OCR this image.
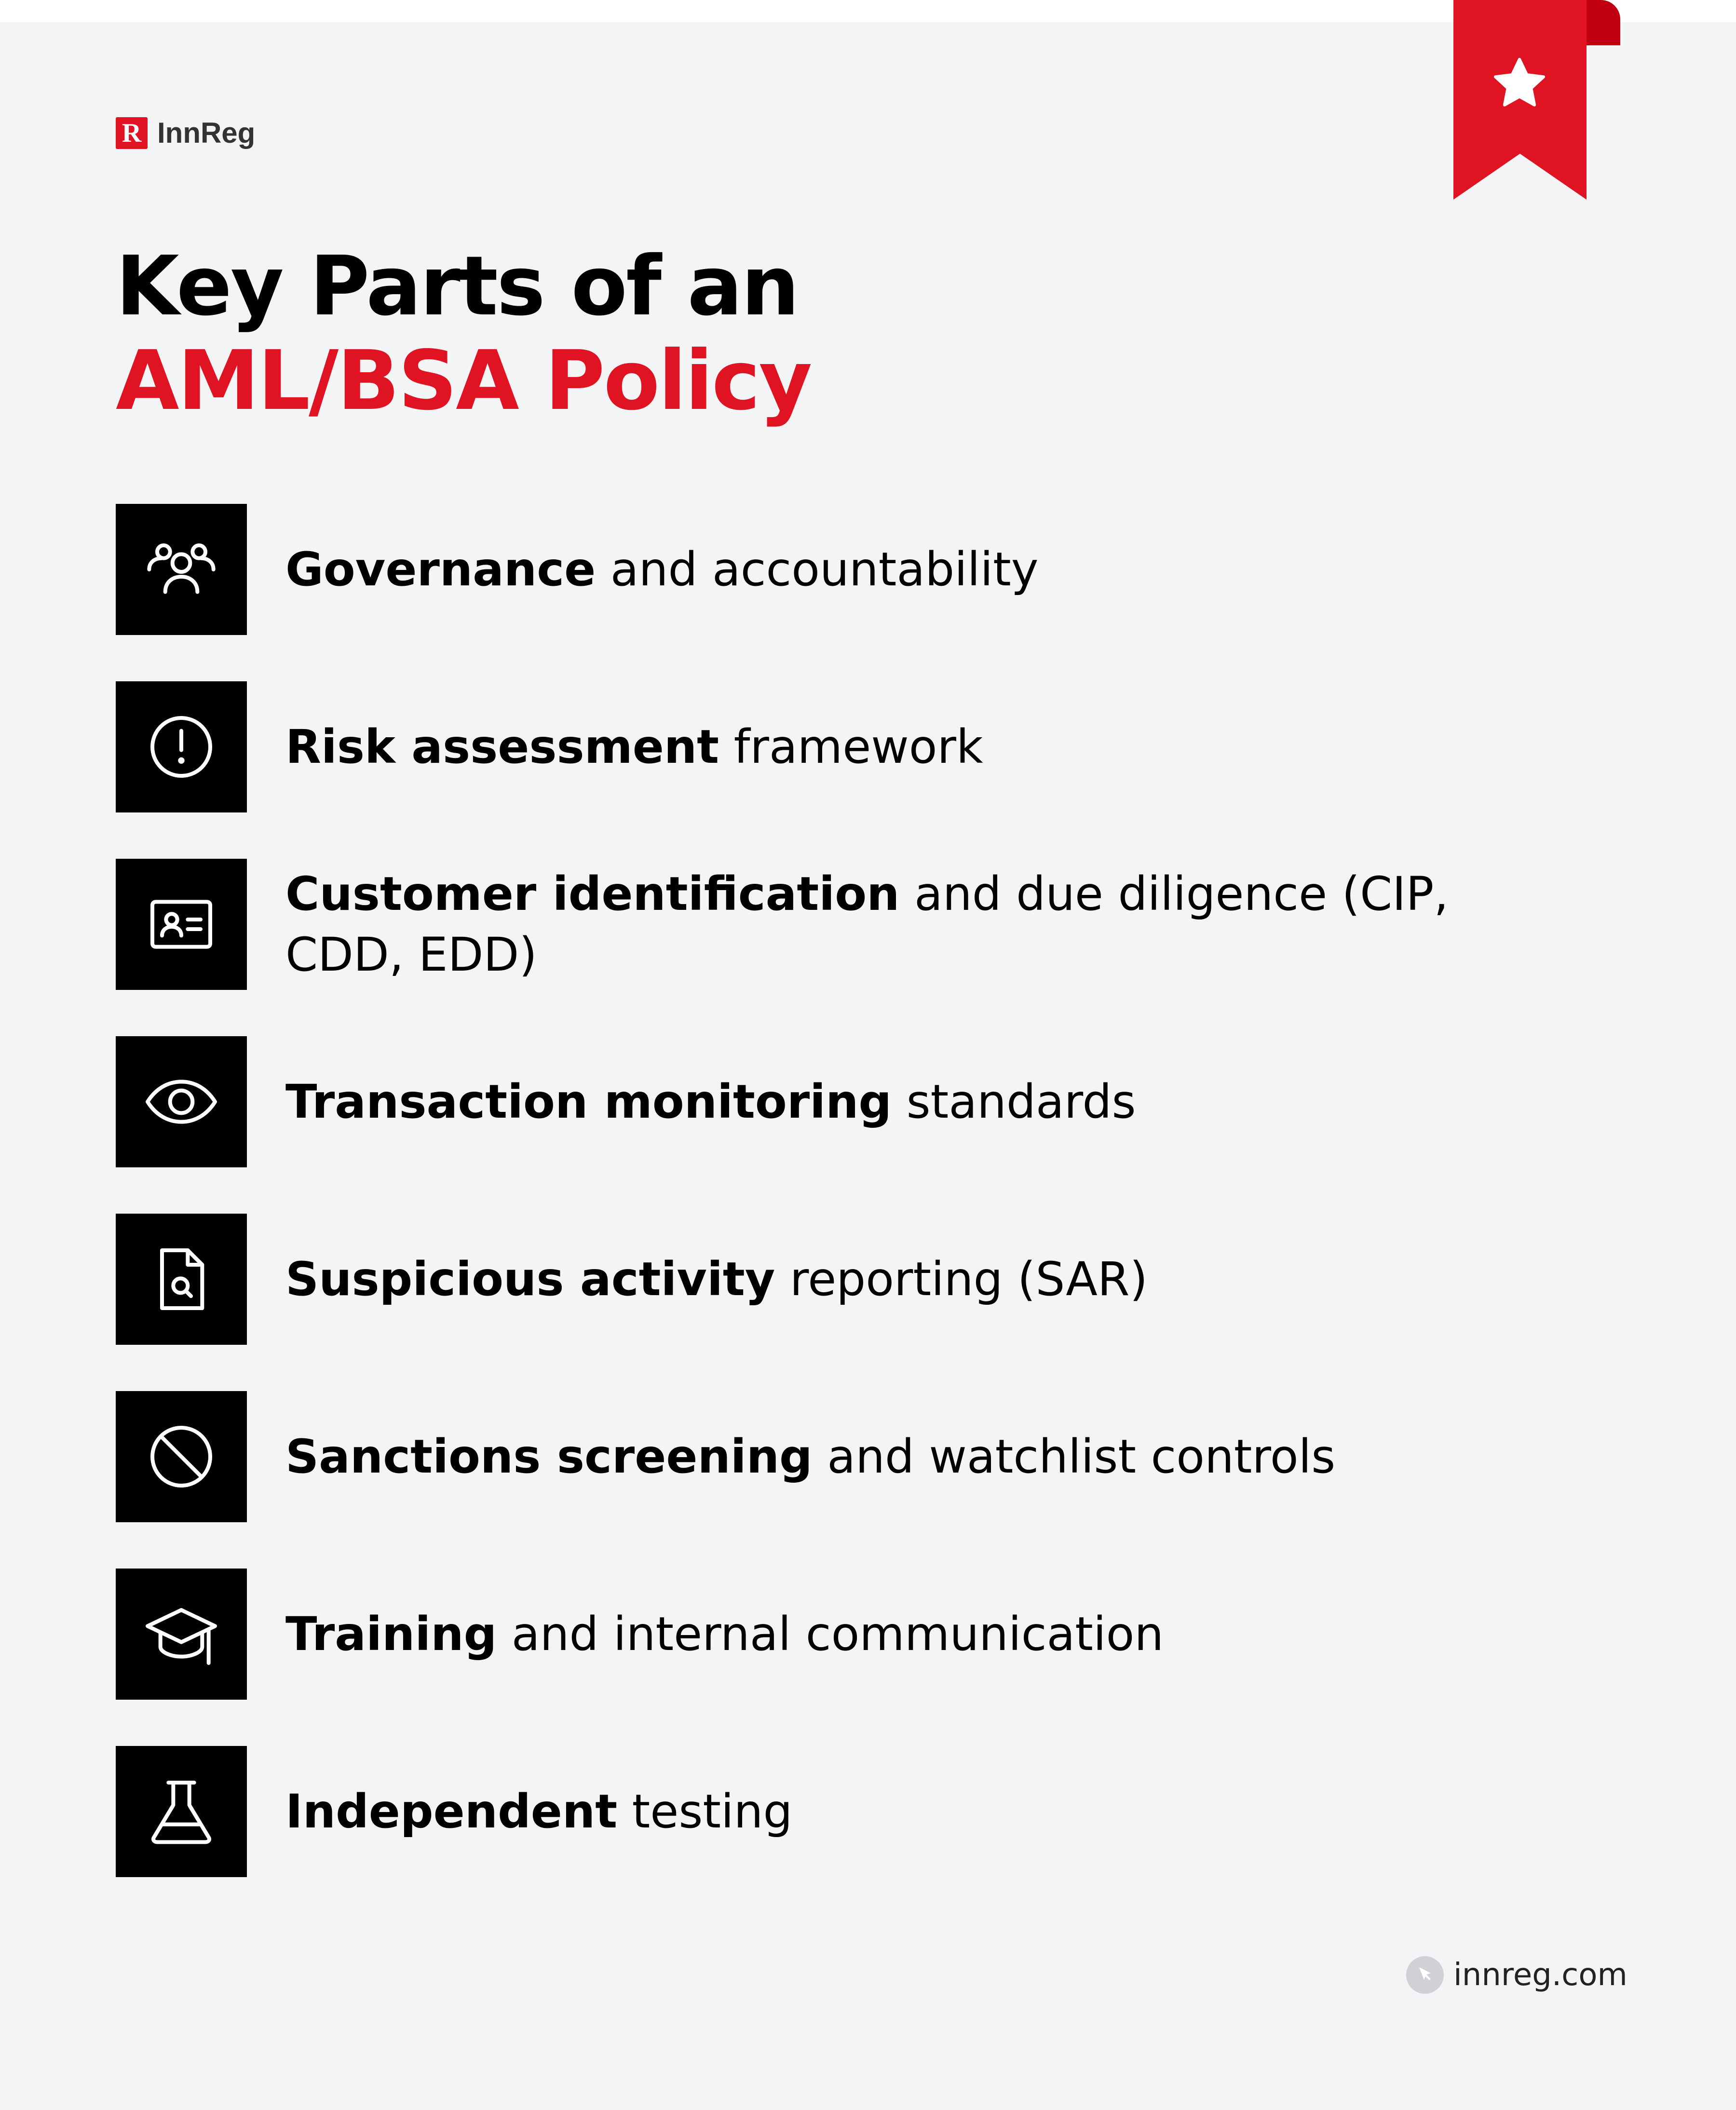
R InnReg
Key Parts of an
AML/BSA Policy
Governance and accountability
Risk assessment framework
Customer identification and due diligence (CIP, CDD, EDD)
Transaction monitoring standards
Suspicious activity reporting (SAR)
Sanctions screening and watchlist controls
Training and internal communication
Independent testing
innreg.com
